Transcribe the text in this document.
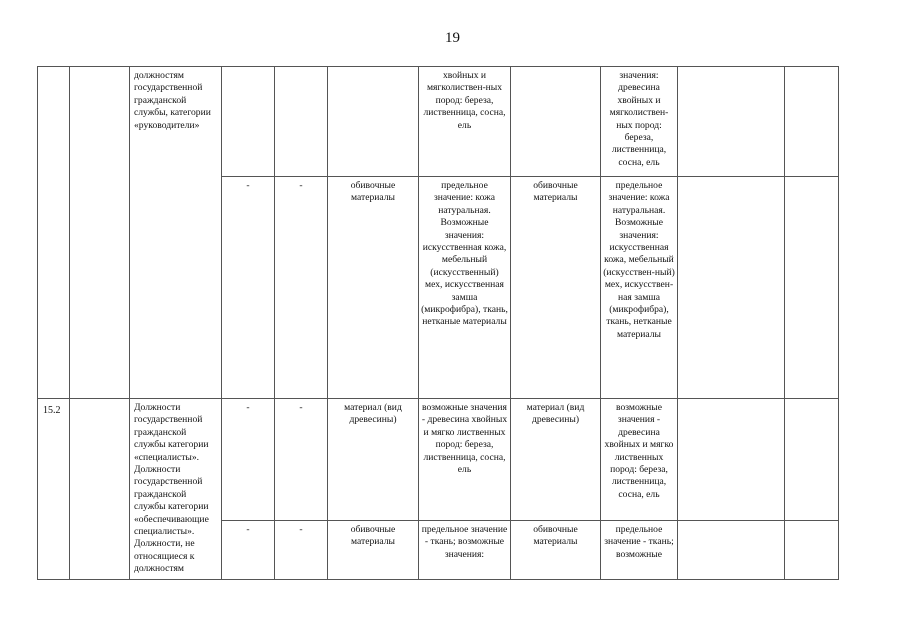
19
		должностям государственной гражданской службы, категории «руководители»				хвойных и мягколиствен-ных пород: береза, лиственница, сосна, ель		значения: древесина хвойных и мягколиствен-ных пород: береза, лиственница, сосна, ель		
			-	-	обивочные материалы	предельное значение: кожа натуральная. Возможные значения: искусственная кожа, мебельный (искусственный) мех, искусственная замша (микрофибра), ткань, нетканые материалы	обивочные материалы	предельное значение: кожа натуральная. Возможные значения: искусственная кожа, мебельный (искусствен-ный) мех, искусствен-ная замша (микрофибра), ткань, нетканые материалы		
15.2		Должности государственной гражданской службы категории «специалисты». Должности государственной гражданской службы категории «обеспечивающие специалисты». Должности, не относящиеся к должностям	-	-	материал (вид древесины)	возможные значения - древесина хвойных и мягко лиственных пород: береза, лиственница, сосна, ель	материал (вид древесины)	возможные значения - древесина хвойных и мягко лиственных пород: береза, лиственница, сосна, ель		
			-	-	обивочные материалы	предельное значение - ткань; возможные значения:	обивочные материалы	предельное значение - ткань; возможные		
